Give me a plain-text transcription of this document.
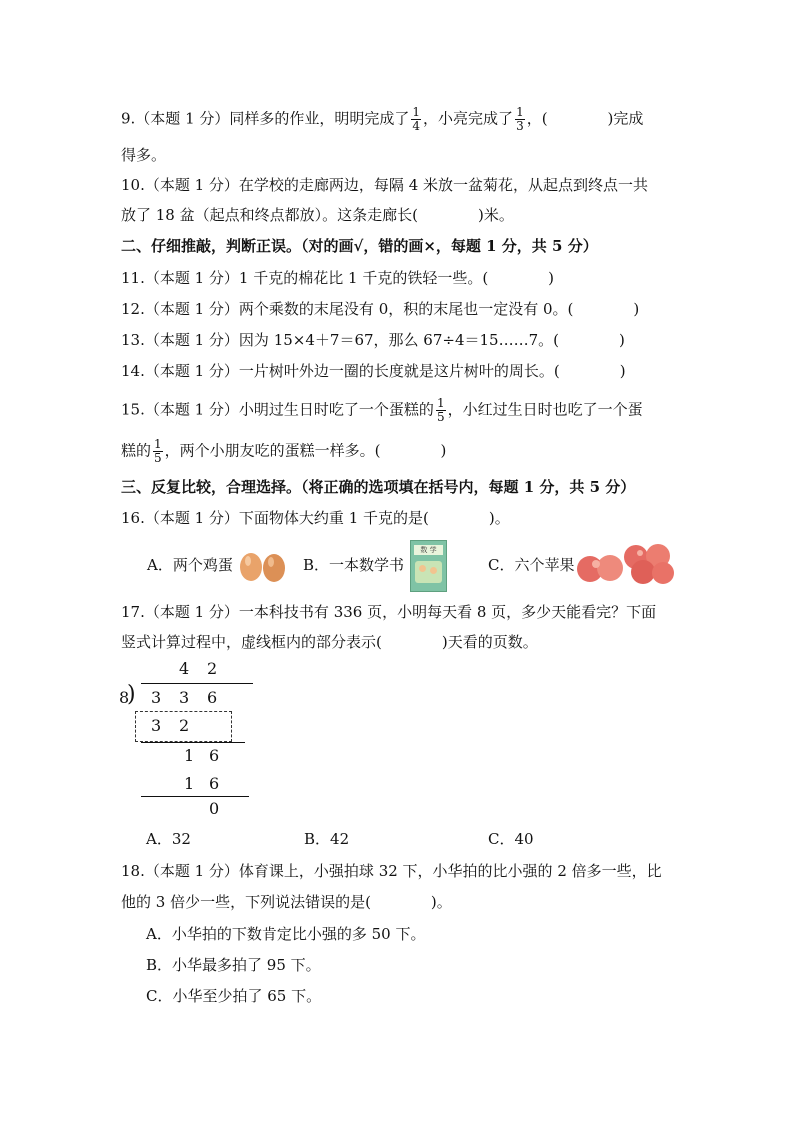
9.（本题 1 分）同样多的作业，明明完成了 $\frac{1}{4}$ ，小亮完成了 $\frac{1}{3}$ ，(　　　　)完成
得多。
10.（本题 1 分）在学校的走廊两边，每隔 4 米放一盆菊花，从起点到终点一共
放了 18 盆（起点和终点都放）。这条走廊长(　　　　)米。
二、仔细推敲，判断正误。（对的画√，错的画×，每题 1 分，共 5 分）
11.（本题 1 分）1 千克的棉花比 1 千克的铁轻一些。(　　　　)
12.（本题 1 分）两个乘数的末尾没有 0，积的末尾也一定没有 0。(　　　　)
13.（本题 1 分）因为 15×4＋7＝67，那么 67÷4＝15……7。(　　　　)
14.（本题 1 分）一片树叶外边一圈的长度就是这片树叶的周长。(　　　　)
15.（本题 1 分）小明过生日时吃了一个蛋糕的 $\frac{1}{5}$ ，小红过生日时也吃了一个蛋
糕的 $\frac{1}{5}$ ，两个小朋友吃的蛋糕一样多。(　　　　)
三、反复比较，合理选择。（将正确的选项填在括号内，每题 1 分，共 5 分）
16.（本题 1 分）下面物体大约重 1 千克的是(　　　　)。
A．两个鸡蛋	B．一本数学书
数 学
C．六个苹果
17.（本题 1 分）一本科技书有 336 页，小明每天看 8 页，多少天能看完？下面
竖式计算过程中，虚线框内的部分表示(　　　　)天看的页数。
4 2
8
) 3 3 6
3 2
1 6
1 6
0
A．32	B．42	C．40
18.（本题 1 分）体育课上，小强拍球 32 下，小华拍的比小强的 2 倍多一些，比
他的 3 倍少一些，下列说法错误的是(　　　　)。
A．小华拍的下数肯定比小强的多 50 下。
B．小华最多拍了 95 下。
C．小华至少拍了 65 下。
